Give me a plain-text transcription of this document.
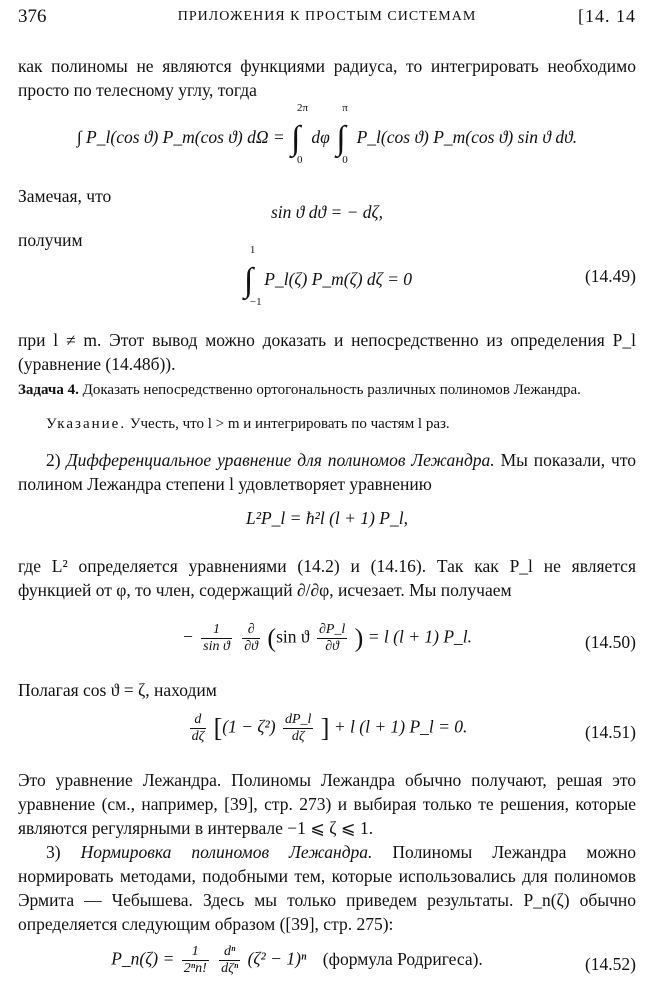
376	ПРИЛОЖЕНИЯ К ПРОСТЫМ СИСТЕМАМ	[14. 14

как полиномы не являются функциями радиуса, то интегрировать необходимо просто по телесному углу, тогда

∫ P_l(cos ϑ) P_m(cos ϑ) dΩ = ∫
2π
0
dφ ∫
π
0
P_l(cos ϑ) P_m(cos ϑ) sin ϑ dϑ.

Замечая, что

sin ϑ dϑ = − dζ,

получим

∫
1
−1
P_l(ζ) P_m(ζ) dζ = 0	(14.49)

при l ≠ m. Этот вывод можно доказать и непосредственно из определения P_l (уравнение (14.48б)).

Задача 4. Доказать непосредственно ортогональность различных полиномов Лежандра.

Указание. Учесть, что l > m и интегрировать по частям l раз.

2) Дифференциальное уравнение для полиномов Лежандра. Мы показали, что полином Лежандра степени l удовлетворяет уравнению

L²P_l = ħ²l (l + 1) P_l,

где L² определяется уравнениями (14.2) и (14.16). Так как P_l не является функцией от φ, то член, содержащий ∂/∂φ, исчезает. Мы получаем

− $\frac{1}{\text{sin ϑ}}$
$\frac{\partial}{\partial ϑ} (\sin$ ϑ $\frac{\partial P\_l}{\partial ϑ}$ ) = l (l + 1) P_l.	(14.50)

Полагая cos ϑ = ζ, находим

$\frac{d}{d\zeta} [(1 - \zeta^2) \frac{dP\_l}{d\zeta}$ ] + l (l + 1) P_l = 0.	(14.51)

Это уравнение Лежандра. Полиномы Лежандра обычно получают, решая это уравнение (см., например, [39], стр. 273) и выбирая только те решения, которые являются регулярными в интервале −1 ⩽ ζ ⩽ 1.

3) Нормировка полиномов Лежандра. Полиномы Лежандра можно нормировать методами, подобными тем, которые использовались для полиномов Эрмита — Чебышева. Здесь мы только приведем результаты. P_n(ζ) обычно определяется следующим образом ([39], стр. 275):

P_n(ζ) = $\frac{1}{\text{2ⁿn!}}$
$\frac{\text{dⁿ}}{\text{dζⁿ}} (\zeta^2 - 1)^n$ (формула Родригеса).	(14.52)
